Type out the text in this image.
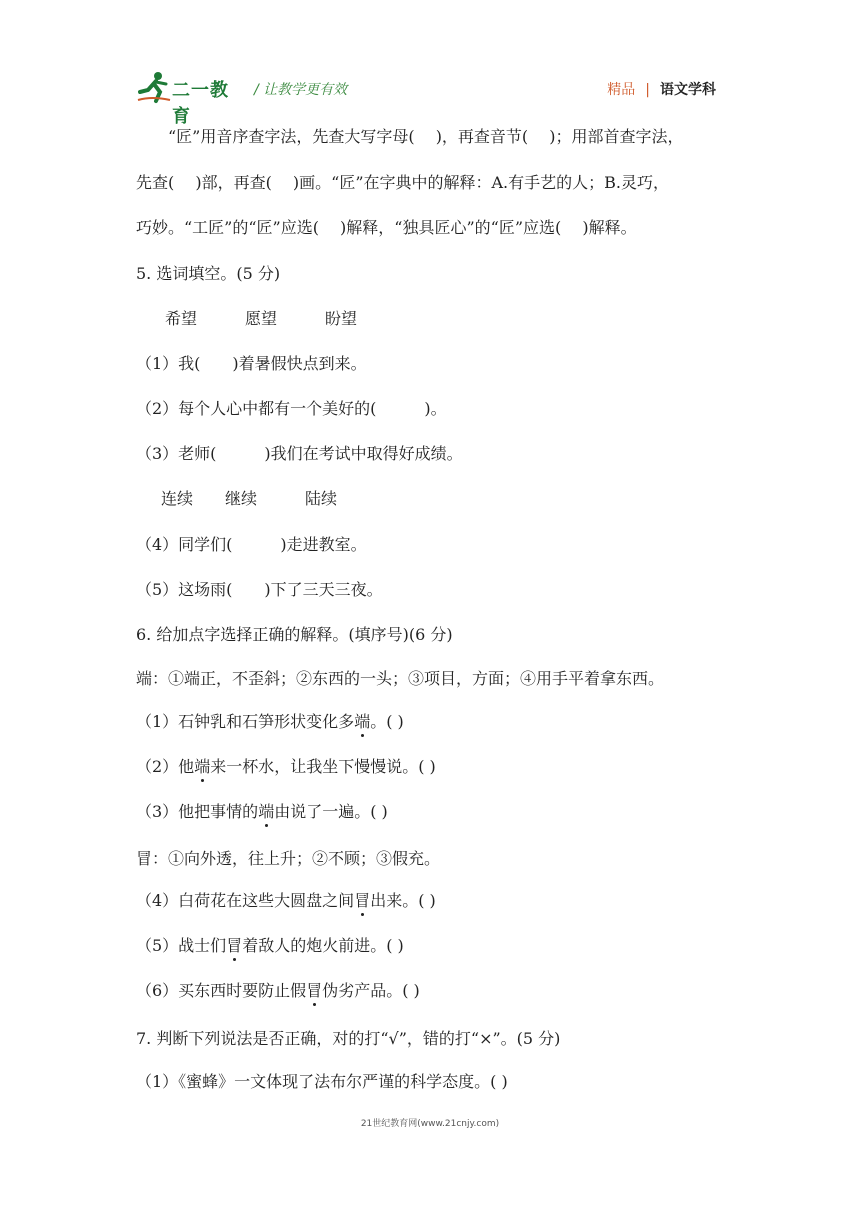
二一教育
/ 让教学更有效	精品 | 语文学科
“匠”用音序查字法，先查大写字母(　 )，再查音节(　 )；用部首查字法，
先查(　 )部，再查(　 )画。“匠”在字典中的解释：A.有手艺的人；B.灵巧，
巧妙。“工匠”的“匠”应选(　 )解释，“独具匠心”的“匠”应选(　 )解释。
5. 选词填空。(5 分)
希望　　　愿望　　　盼望
（1）我(　　)着暑假快点到来。
（2）每个人心中都有一个美好的(　　　)。
（3）老师(　　　)我们在考试中取得好成绩。
连续　　继续　　　陆续
（4）同学们(　　　)走进教室。
（5）这场雨(　　)下了三天三夜。
6. 给加点字选择正确的解释。(填序号)(6 分)
端：①端正，不歪斜；②东西的一头；③项目，方面；④用手平着拿东西。
（1）石钟乳和石笋形状变化多端。( )
（2）他端来一杯水，让我坐下慢慢说。( )
（3）他把事情的端由说了一遍。( )
冒：①向外透，往上升；②不顾；③假充。
（4）白荷花在这些大圆盘之间冒出来。( )
（5）战士们冒着敌人的炮火前进。( )
（6）买东西时要防止假冒伪劣产品。( )
7. 判断下列说法是否正确，对的打“√”，错的打“×”。(5 分)
（1）《蜜蜂》一文体现了法布尔严谨的科学态度。( )
21世纪教育网(www.21cnjy.com)
